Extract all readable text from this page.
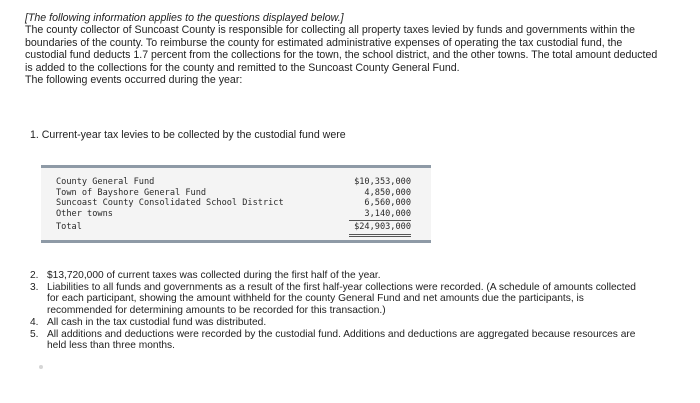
[The following information applies to the questions displayed below.]

The county collector of Suncoast County is responsible for collecting all property taxes levied by funds and governments within the boundaries of the county. To reimburse the county for estimated administrative expenses of operating the tax custodial fund, the custodial fund deducts 1.7 percent from the collections for the town, the school district, and the other towns. The total amount deducted is added to the collections for the county and remitted to the Suncoast County General Fund.

The following events occurred during the year:

1. Current-year tax levies to be collected by the custodial fund were
County General Fund	$10,353,000
Town of Bayshore General Fund	4,850,000
Suncoast County Consolidated School District	6,560,000
Other towns	3,140,000
Total	$24,903,000
2. $13,720,000 of current taxes was collected during the first half of the year.
3. Liabilities to all funds and governments as a result of the first half-year collections were recorded. (A schedule of amounts collected for each participant, showing the amount withheld for the county General Fund and net amounts due the participants, is recommended for determining amounts to be recorded for this transaction.)
4. All cash in the tax custodial fund was distributed.
5. All additions and deductions were recorded by the custodial fund. Additions and deductions are aggregated because resources are held less than three months.
